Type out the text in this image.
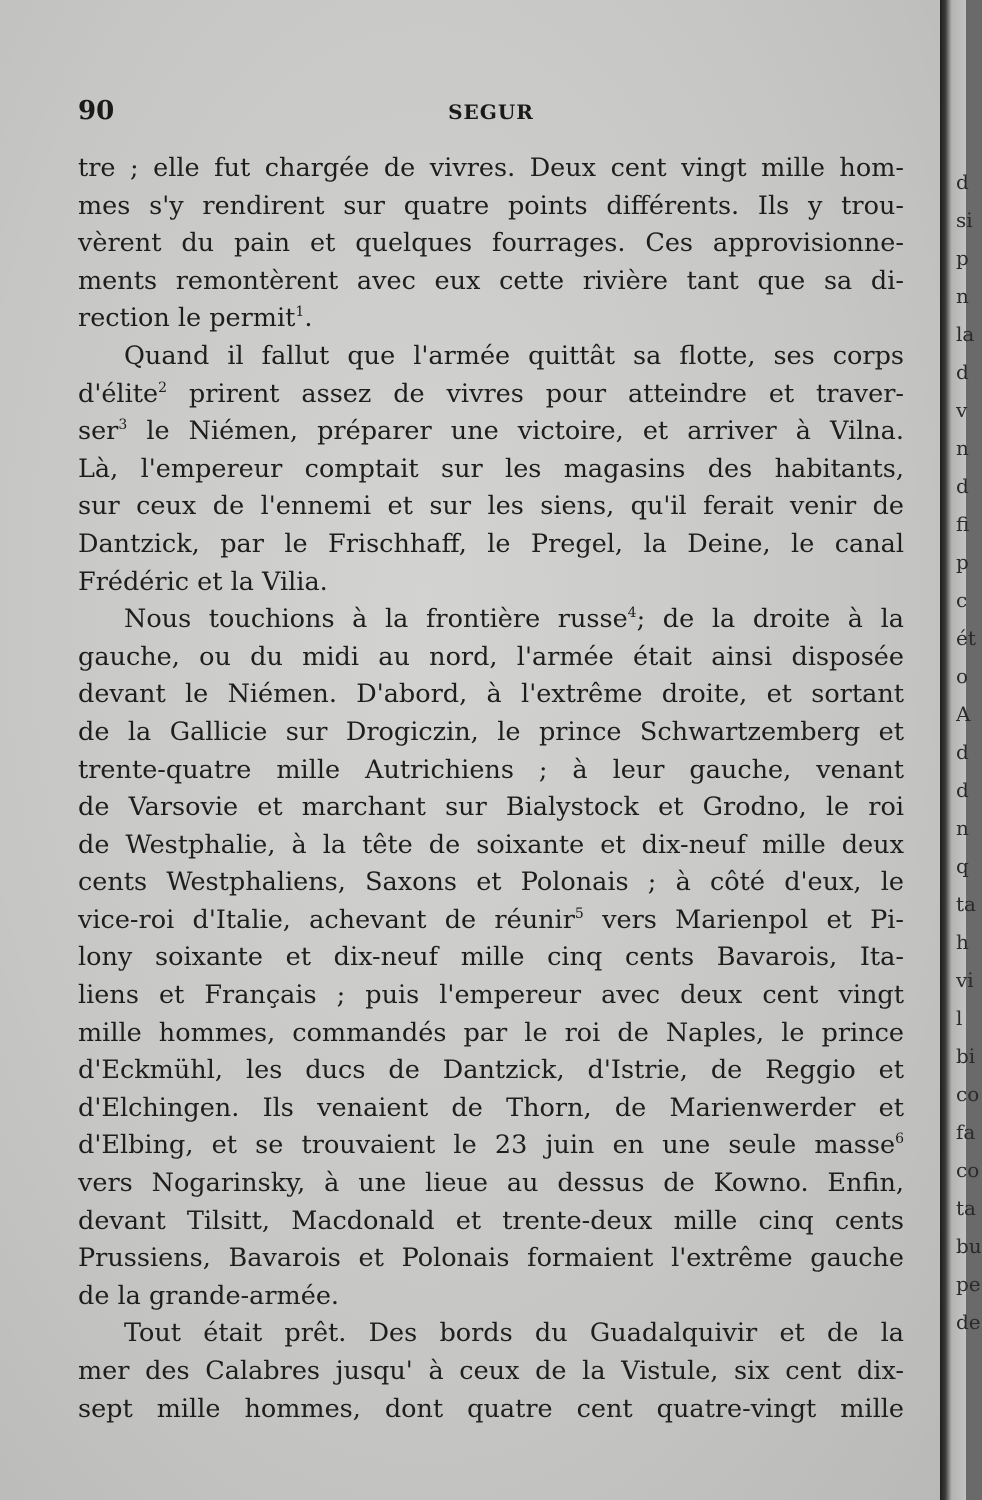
90	SEGUR
tre ; elle fut chargée de vivres. Deux cent vingt mille hom-
mes s'y rendirent sur quatre points différents. Ils y trou-
vèrent du pain et quelques fourrages. Ces approvisionne-
ments remontèrent avec eux cette rivière tant que sa di-
rection le permit$^1$.
Quand il fallut que l'armée quittât sa flotte, ses corps
d'élite$^2$ prirent assez de vivres pour atteindre et traver-
ser$^3$ le Niémen, préparer une victoire, et arriver à Vilna.
Là, l'empereur comptait sur les magasins des habitants,
sur ceux de l'ennemi et sur les siens, qu'il ferait venir de
Dantzick, par le Frischhaff, le Pregel, la Deine, le canal
Frédéric et la Vilia.
Nous touchions à la frontière russe$^4$; de la droite à la
gauche, ou du midi au nord, l'armée était ainsi disposée
devant le Niémen. D'abord, à l'extrême droite, et sortant
de la Gallicie sur Drogiczin, le prince Schwartzemberg et
trente-quatre mille Autrichiens ; à leur gauche, venant
de Varsovie et marchant sur Bialystock et Grodno, le roi
de Westphalie, à la tête de soixante et dix-neuf mille deux
cents Westphaliens, Saxons et Polonais ; à côté d'eux, le
vice-roi d'Italie, achevant de réunir$^5$ vers Marienpol et Pi-
lony soixante et dix-neuf mille cinq cents Bavarois, Ita-
liens et Français ; puis l'empereur avec deux cent vingt
mille hommes, commandés par le roi de Naples, le prince
d'Eckmühl, les ducs de Dantzick, d'Istrie, de Reggio et
d'Elchingen. Ils venaient de Thorn, de Marienwerder et
d'Elbing, et se trouvaient le 23 juin en une seule masse$^6$
vers Nogarinsky, à une lieue au dessus de Kowno. Enfin,
devant Tilsitt, Macdonald et trente-deux mille cinq cents
Prussiens, Bavarois et Polonais formaient l'extrême gauche
de la grande-armée.
Tout était prêt. Des bords du Guadalquivir et de la
mer des Calabres jusqu' à ceux de la Vistule, six cent dix-
sept mille hommes, dont quatre cent quatre-vingt mille
d
si
p
n
la
d
v
n
d
fi
p
c
ét
o
A
d
d
n
q
ta
h
vi
l
bi
co
fa
co
ta
bu
pe
de
